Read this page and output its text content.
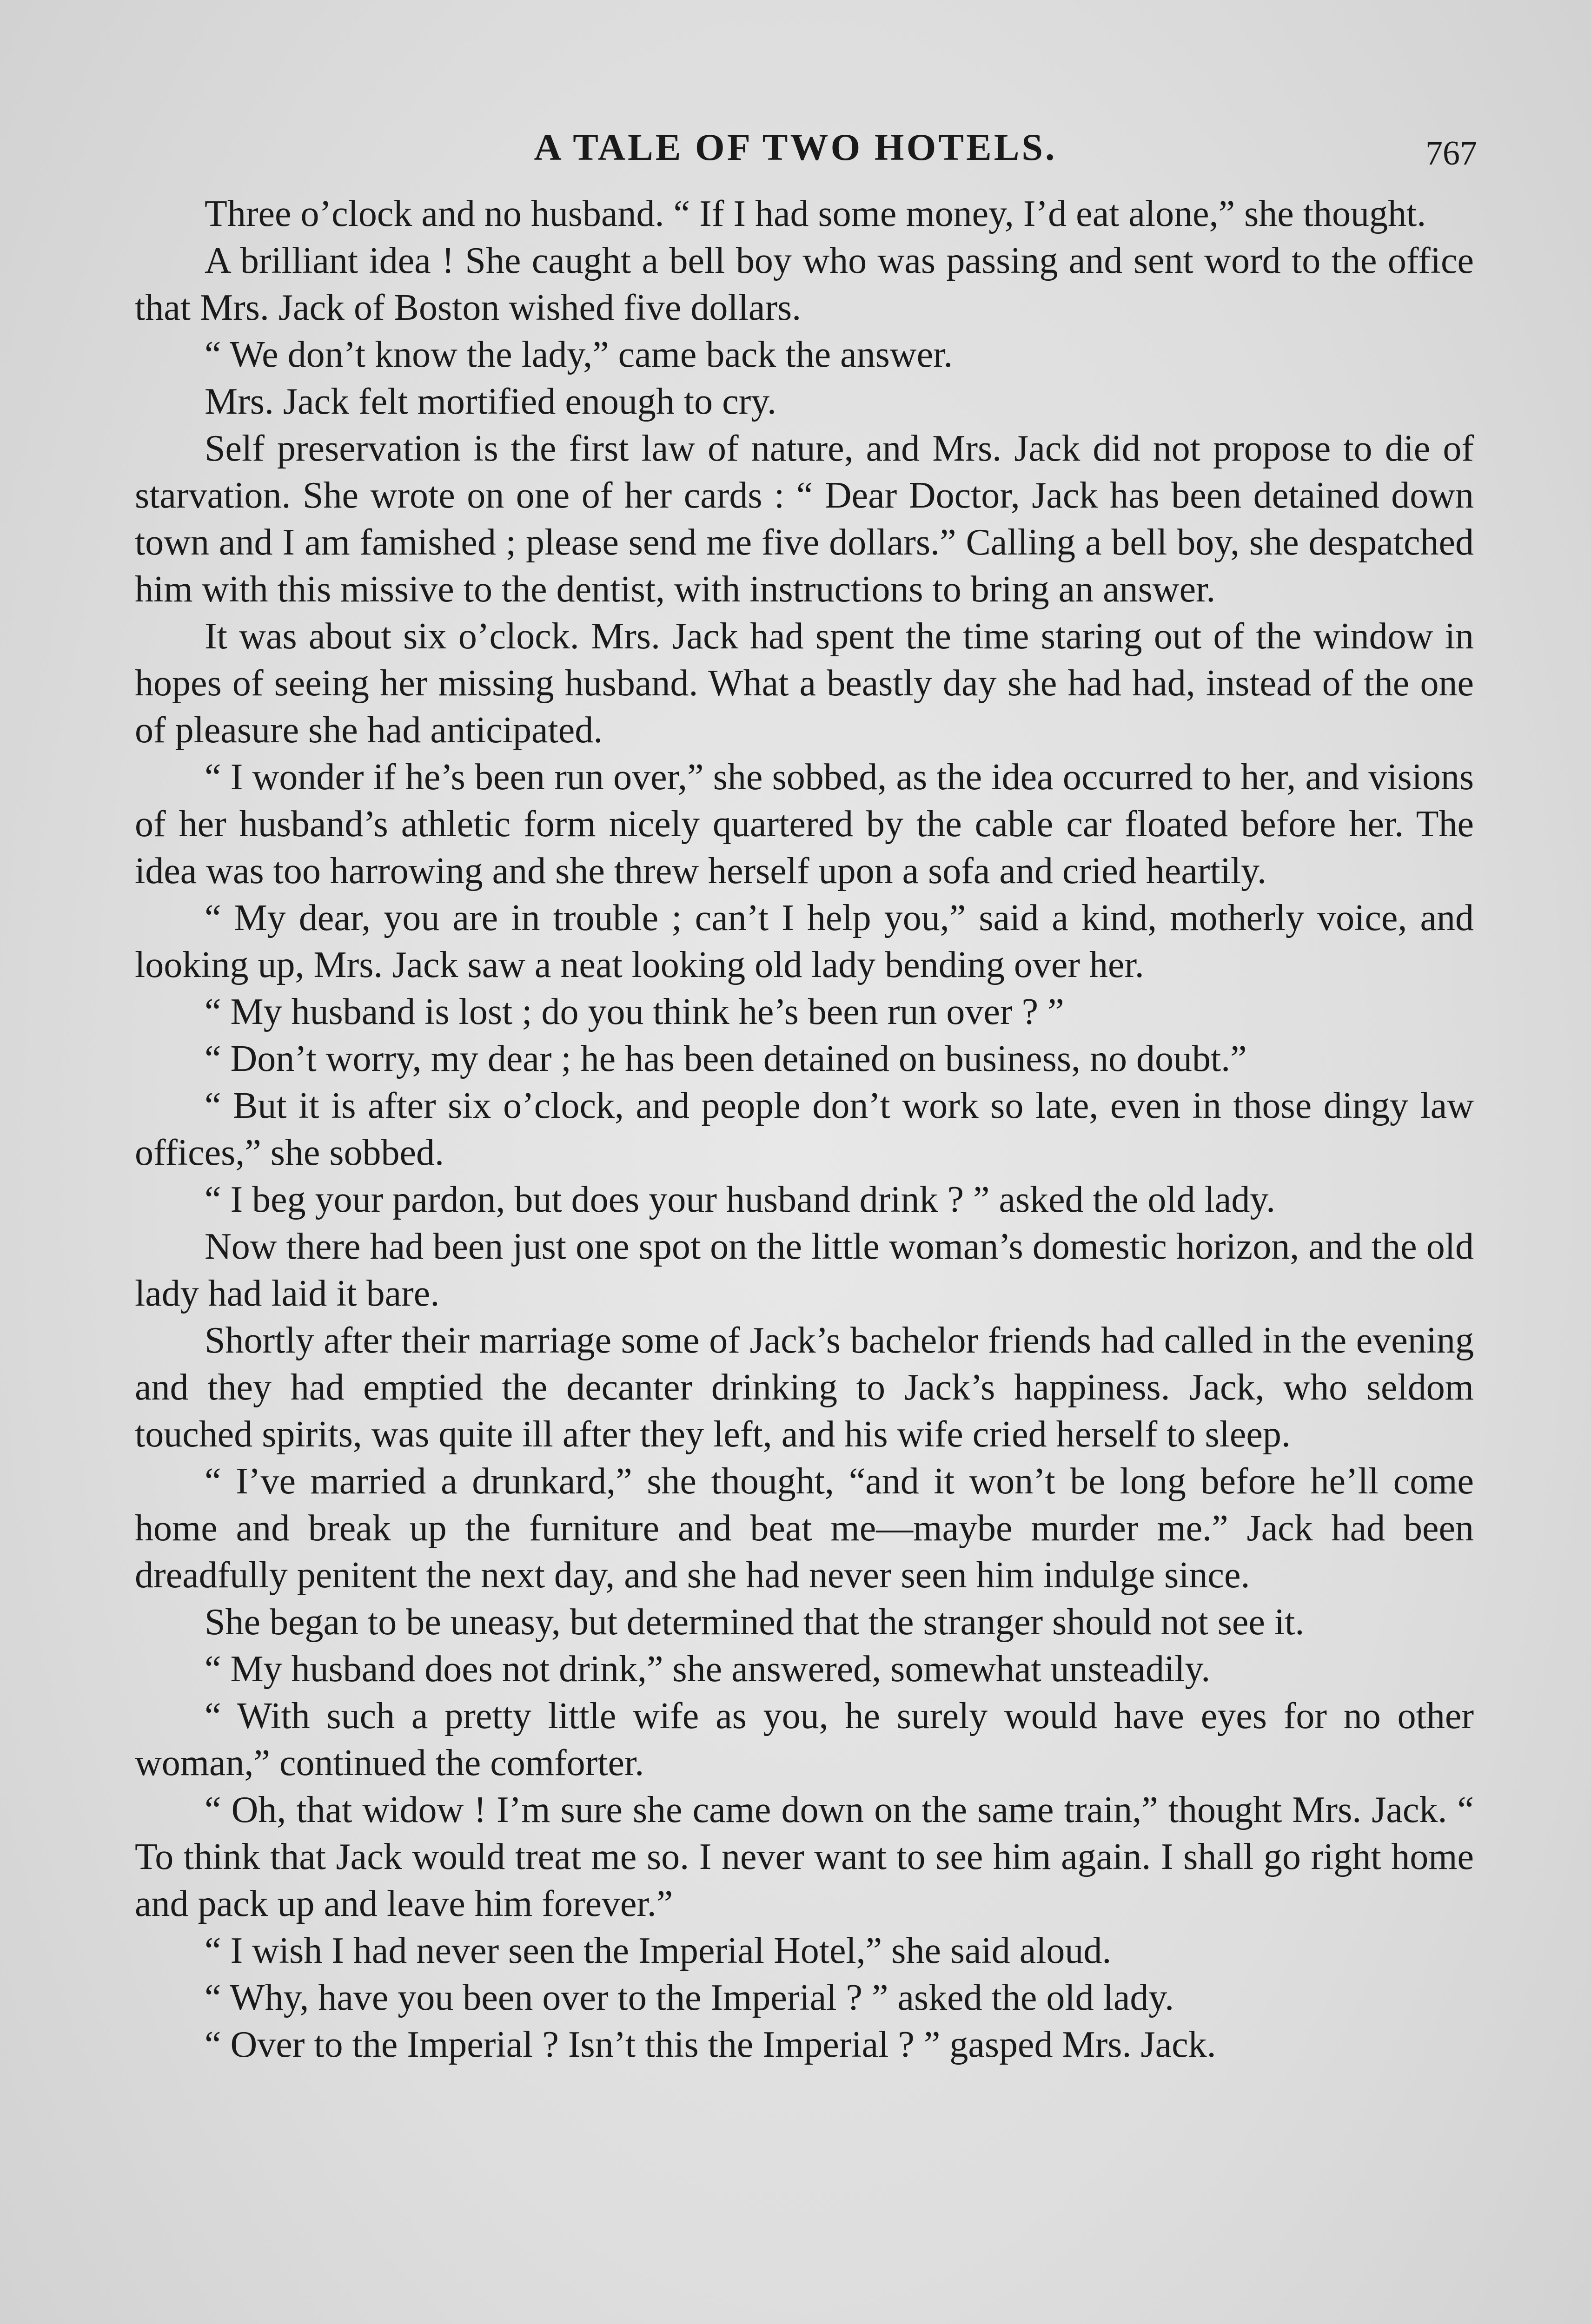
A TALE OF TWO HOTELS.	767

Three o’clock and no husband. “ If I had some money, I’d eat alone,” she thought.

A brilliant idea ! She caught a bell boy who was passing and sent word to the office that Mrs. Jack of Boston wished five dollars.

“ We don’t know the lady,” came back the answer.

Mrs. Jack felt mortified enough to cry.

Self preservation is the first law of nature, and Mrs. Jack did not propose to die of starvation. She wrote on one of her cards : “ Dear Doctor, Jack has been detained down town and I am famished ; please send me five dollars.” Calling a bell boy, she despatched him with this missive to the dentist, with instructions to bring an answer.

It was about six o’clock. Mrs. Jack had spent the time staring out of the window in hopes of seeing her missing husband. What a beastly day she had had, instead of the one of pleasure she had anticipated.

“ I wonder if he’s been run over,” she sobbed, as the idea occurred to her, and visions of her husband’s athletic form nicely quartered by the cable car floated before her. The idea was too harrowing and she threw herself upon a sofa and cried heartily.

“ My dear, you are in trouble ; can’t I help you,” said a kind, motherly voice, and looking up, Mrs. Jack saw a neat looking old lady bending over her.

“ My husband is lost ; do you think he’s been run over ? ”

“ Don’t worry, my dear ; he has been detained on business, no doubt.”

“ But it is after six o’clock, and people don’t work so late, even in those dingy law offices,” she sobbed.

“ I beg your pardon, but does your husband drink ? ” asked the old lady.

Now there had been just one spot on the little woman’s domestic horizon, and the old lady had laid it bare.

Shortly after their marriage some of Jack’s bachelor friends had called in the evening and they had emptied the decanter drinking to Jack’s happiness. Jack, who seldom touched spirits, was quite ill after they left, and his wife cried herself to sleep.

“ I’ve married a drunkard,” she thought, “and it won’t be long before he’ll come home and break up the furniture and beat me—maybe murder me.” Jack had been dreadfully penitent the next day, and she had never seen him indulge since.

She began to be uneasy, but determined that the stranger should not see it.

“ My husband does not drink,” she answered, somewhat unsteadily.

“ With such a pretty little wife as you, he surely would have eyes for no other woman,” continued the comforter.

“ Oh, that widow ! I’m sure she came down on the same train,” thought Mrs. Jack. “ To think that Jack would treat me so. I never want to see him again. I shall go right home and pack up and leave him forever.”

“ I wish I had never seen the Imperial Hotel,” she said aloud.

“ Why, have you been over to the Imperial ? ” asked the old lady.

“ Over to the Imperial ? Isn’t this the Imperial ? ” gasped Mrs. Jack.
